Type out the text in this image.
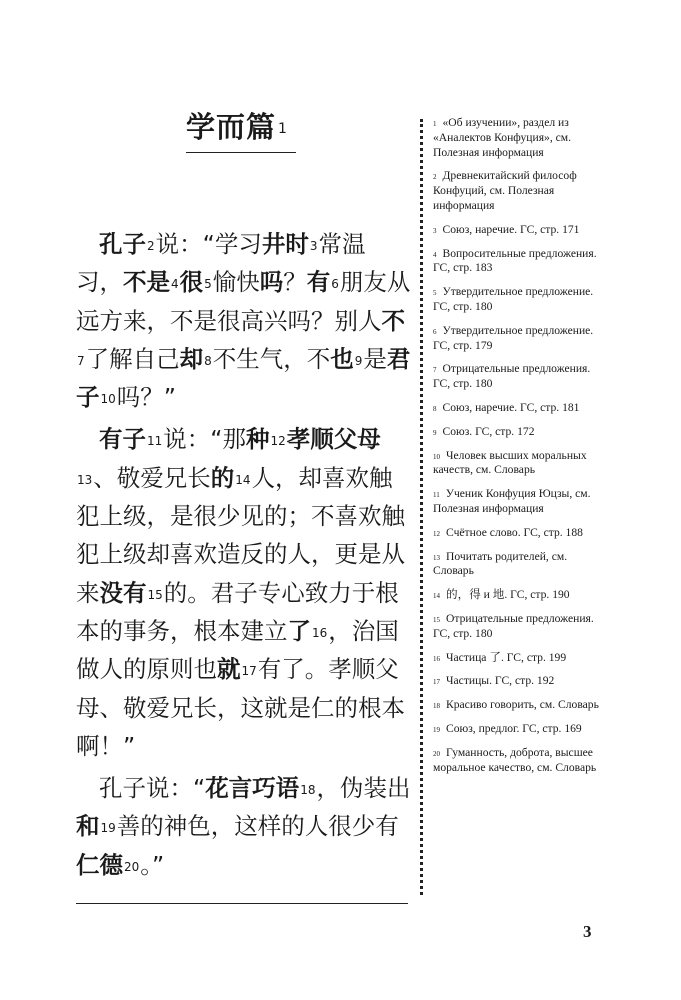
学而篇 $^1$

孔子$^2$说：“学习井时$^3$常温习，不是$^4$很$^5$愉快吗？有$^6$朋友从远方来，不是很高兴吗？别人不$^7$了解自己却$^8$不生气，不也$^9$是君子$^{10}$吗？”

有子$^{11}$说：“那种$^{12}$孝顺父母$^{13}$、敬爱兄长的$^{14}$人，却喜欢触犯上级，是很少见的；不喜欢触犯上级却喜欢造反的人，更是从来没有$^{15}$的。君子专心致力于根本的事务，根本建立了$^{16}$，治国做人的原则也就$^{17}$有了。孝顺父母、敬爱兄长，这就是仁的根本啊！”

孔子说：“花言巧语$^{18}$，伪装出和$^{19}$善的神色，这样的人很少有仁德$^{20}$。”

$^1$ «Об изучении», раздел из «Аналектов Конфуция», см. Полезная информация
$^2$ Древнекитайский философ Конфуций, см. Полезная информация
$^3$ Союз, наречие. ГС, стр. 171
$^4$ Вопросительные предложения. ГС, стр. 183
$^5$ Утвердительное предложение. ГС, стр. 180
$^6$ Утвердительное предложение. ГС, стр. 179
$^7$ Отрицательные предложения. ГС, стр. 180
$^8$ Союз, наречие. ГС, стр. 181
$^9$ Союз. ГС, стр. 172
$^{10}$ Человек высших моральных качеств, см. Словарь
$^{11}$ Ученик Конфуция Юцзы, см. Полезная информация
$^{12}$ Счётное слово. ГС, стр. 188
$^{13}$ Почитать родителей, см. Словарь
$^{14}$ 的，得 и 地. ГС, стр. 190
$^{15}$ Отрицательные предложения. ГС, стр. 180
$^{16}$ Частица 了. ГС, стр. 199
$^{17}$ Частицы. ГС, стр. 192
$^{18}$ Красиво говорить, см. Словарь
$^{19}$ Союз, предлог. ГС, стр. 169
$^{20}$ Гуманность, доброта, высшее моральное качество, см. Словарь
3
